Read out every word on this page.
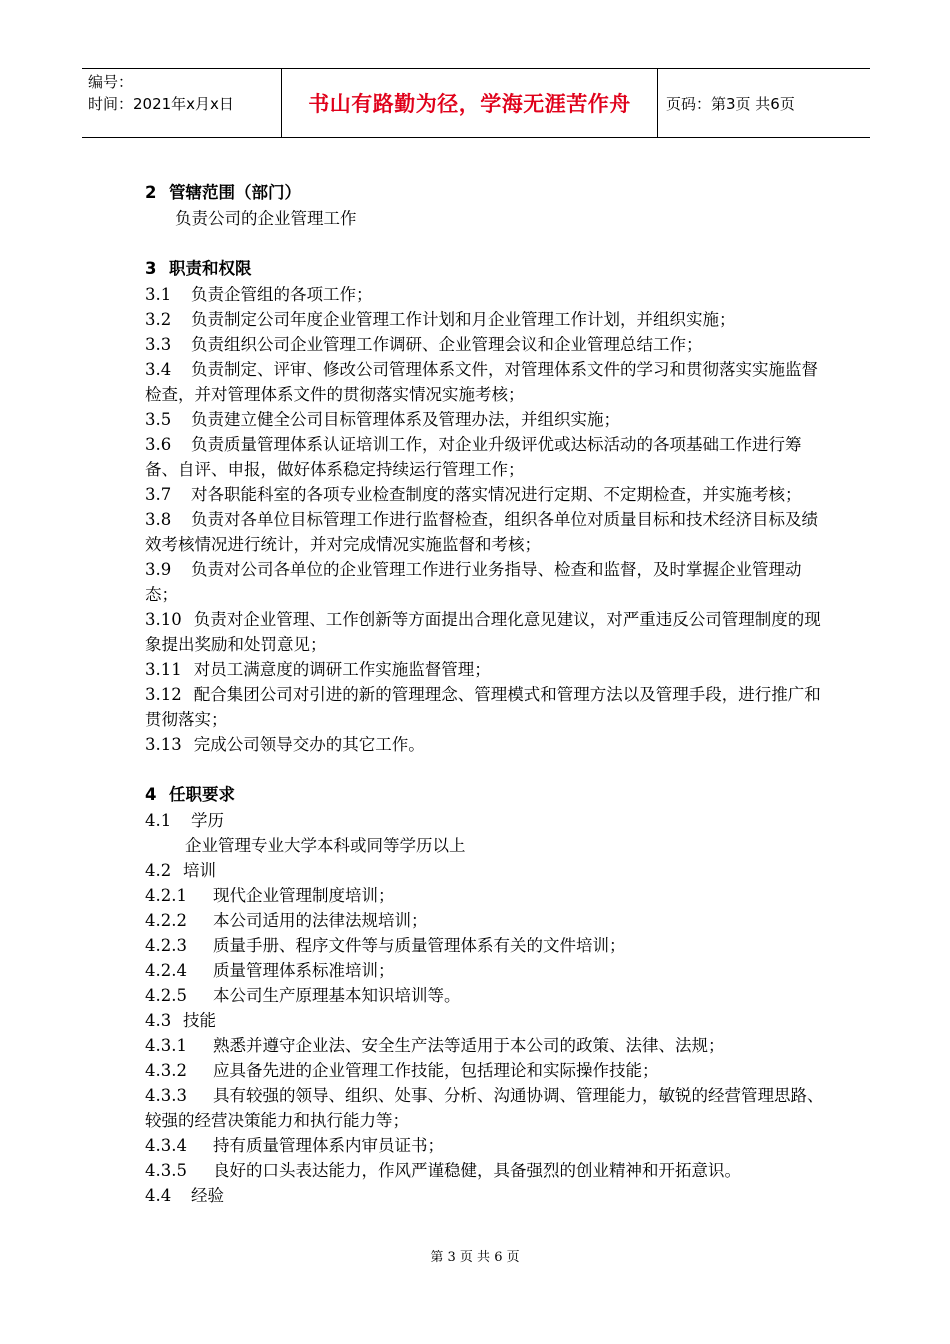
编号：
时间：2021年x月x日	书山有路勤为径，学海无涯苦作舟	页码：第3页 共6页
2 管辖范围（部门）
负责公司的企业管理工作
3 职责和权限
3.1 负责企管组的各项工作；
3.2 负责制定公司年度企业管理工作计划和月企业管理工作计划，并组织实施；
3.3 负责组织公司企业管理工作调研、企业管理会议和企业管理总结工作；
3.4 负责制定、评审、修改公司管理体系文件，对管理体系文件的学习和贯彻落实实施监督检查，并对管理体系文件的贯彻落实情况实施考核；
3.5 负责建立健全公司目标管理体系及管理办法，并组织实施；
3.6 负责质量管理体系认证培训工作，对企业升级评优或达标活动的各项基础工作进行筹备、自评、申报，做好体系稳定持续运行管理工作；
3.7 对各职能科室的各项专业检查制度的落实情况进行定期、不定期检查，并实施考核；
3.8 负责对各单位目标管理工作进行监督检查，组织各单位对质量目标和技术经济目标及绩效考核情况进行统计，并对完成情况实施监督和考核；
3.9 负责对公司各单位的企业管理工作进行业务指导、检查和监督，及时掌握企业管理动态；
3.10 负责对企业管理、工作创新等方面提出合理化意见建议，对严重违反公司管理制度的现象提出奖励和处罚意见；
3.11 对员工满意度的调研工作实施监督管理；
3.12 配合集团公司对引进的新的管理理念、管理模式和管理方法以及管理手段，进行推广和贯彻落实；
3.13 完成公司领导交办的其它工作。
4 任职要求
4.1 学历
企业管理专业大学本科或同等学历以上
4.2 培训
4.2.1 现代企业管理制度培训；
4.2.2 本公司适用的法律法规培训；
4.2.3 质量手册、程序文件等与质量管理体系有关的文件培训；
4.2.4 质量管理体系标准培训；
4.2.5 本公司生产原理基本知识培训等。
4.3 技能
4.3.1 熟悉并遵守企业法、安全生产法等适用于本公司的政策、法律、法规；
4.3.2 应具备先进的企业管理工作技能，包括理论和实际操作技能；
4.3.3 具有较强的领导、组织、处事、分析、沟通协调、管理能力，敏锐的经营管理思路、较强的经营决策能力和执行能力等；
4.3.4 持有质量管理体系内审员证书；
4.3.5 良好的口头表达能力，作风严谨稳健，具备强烈的创业精神和开拓意识。
4.4 经验
第 3 页 共 6 页
